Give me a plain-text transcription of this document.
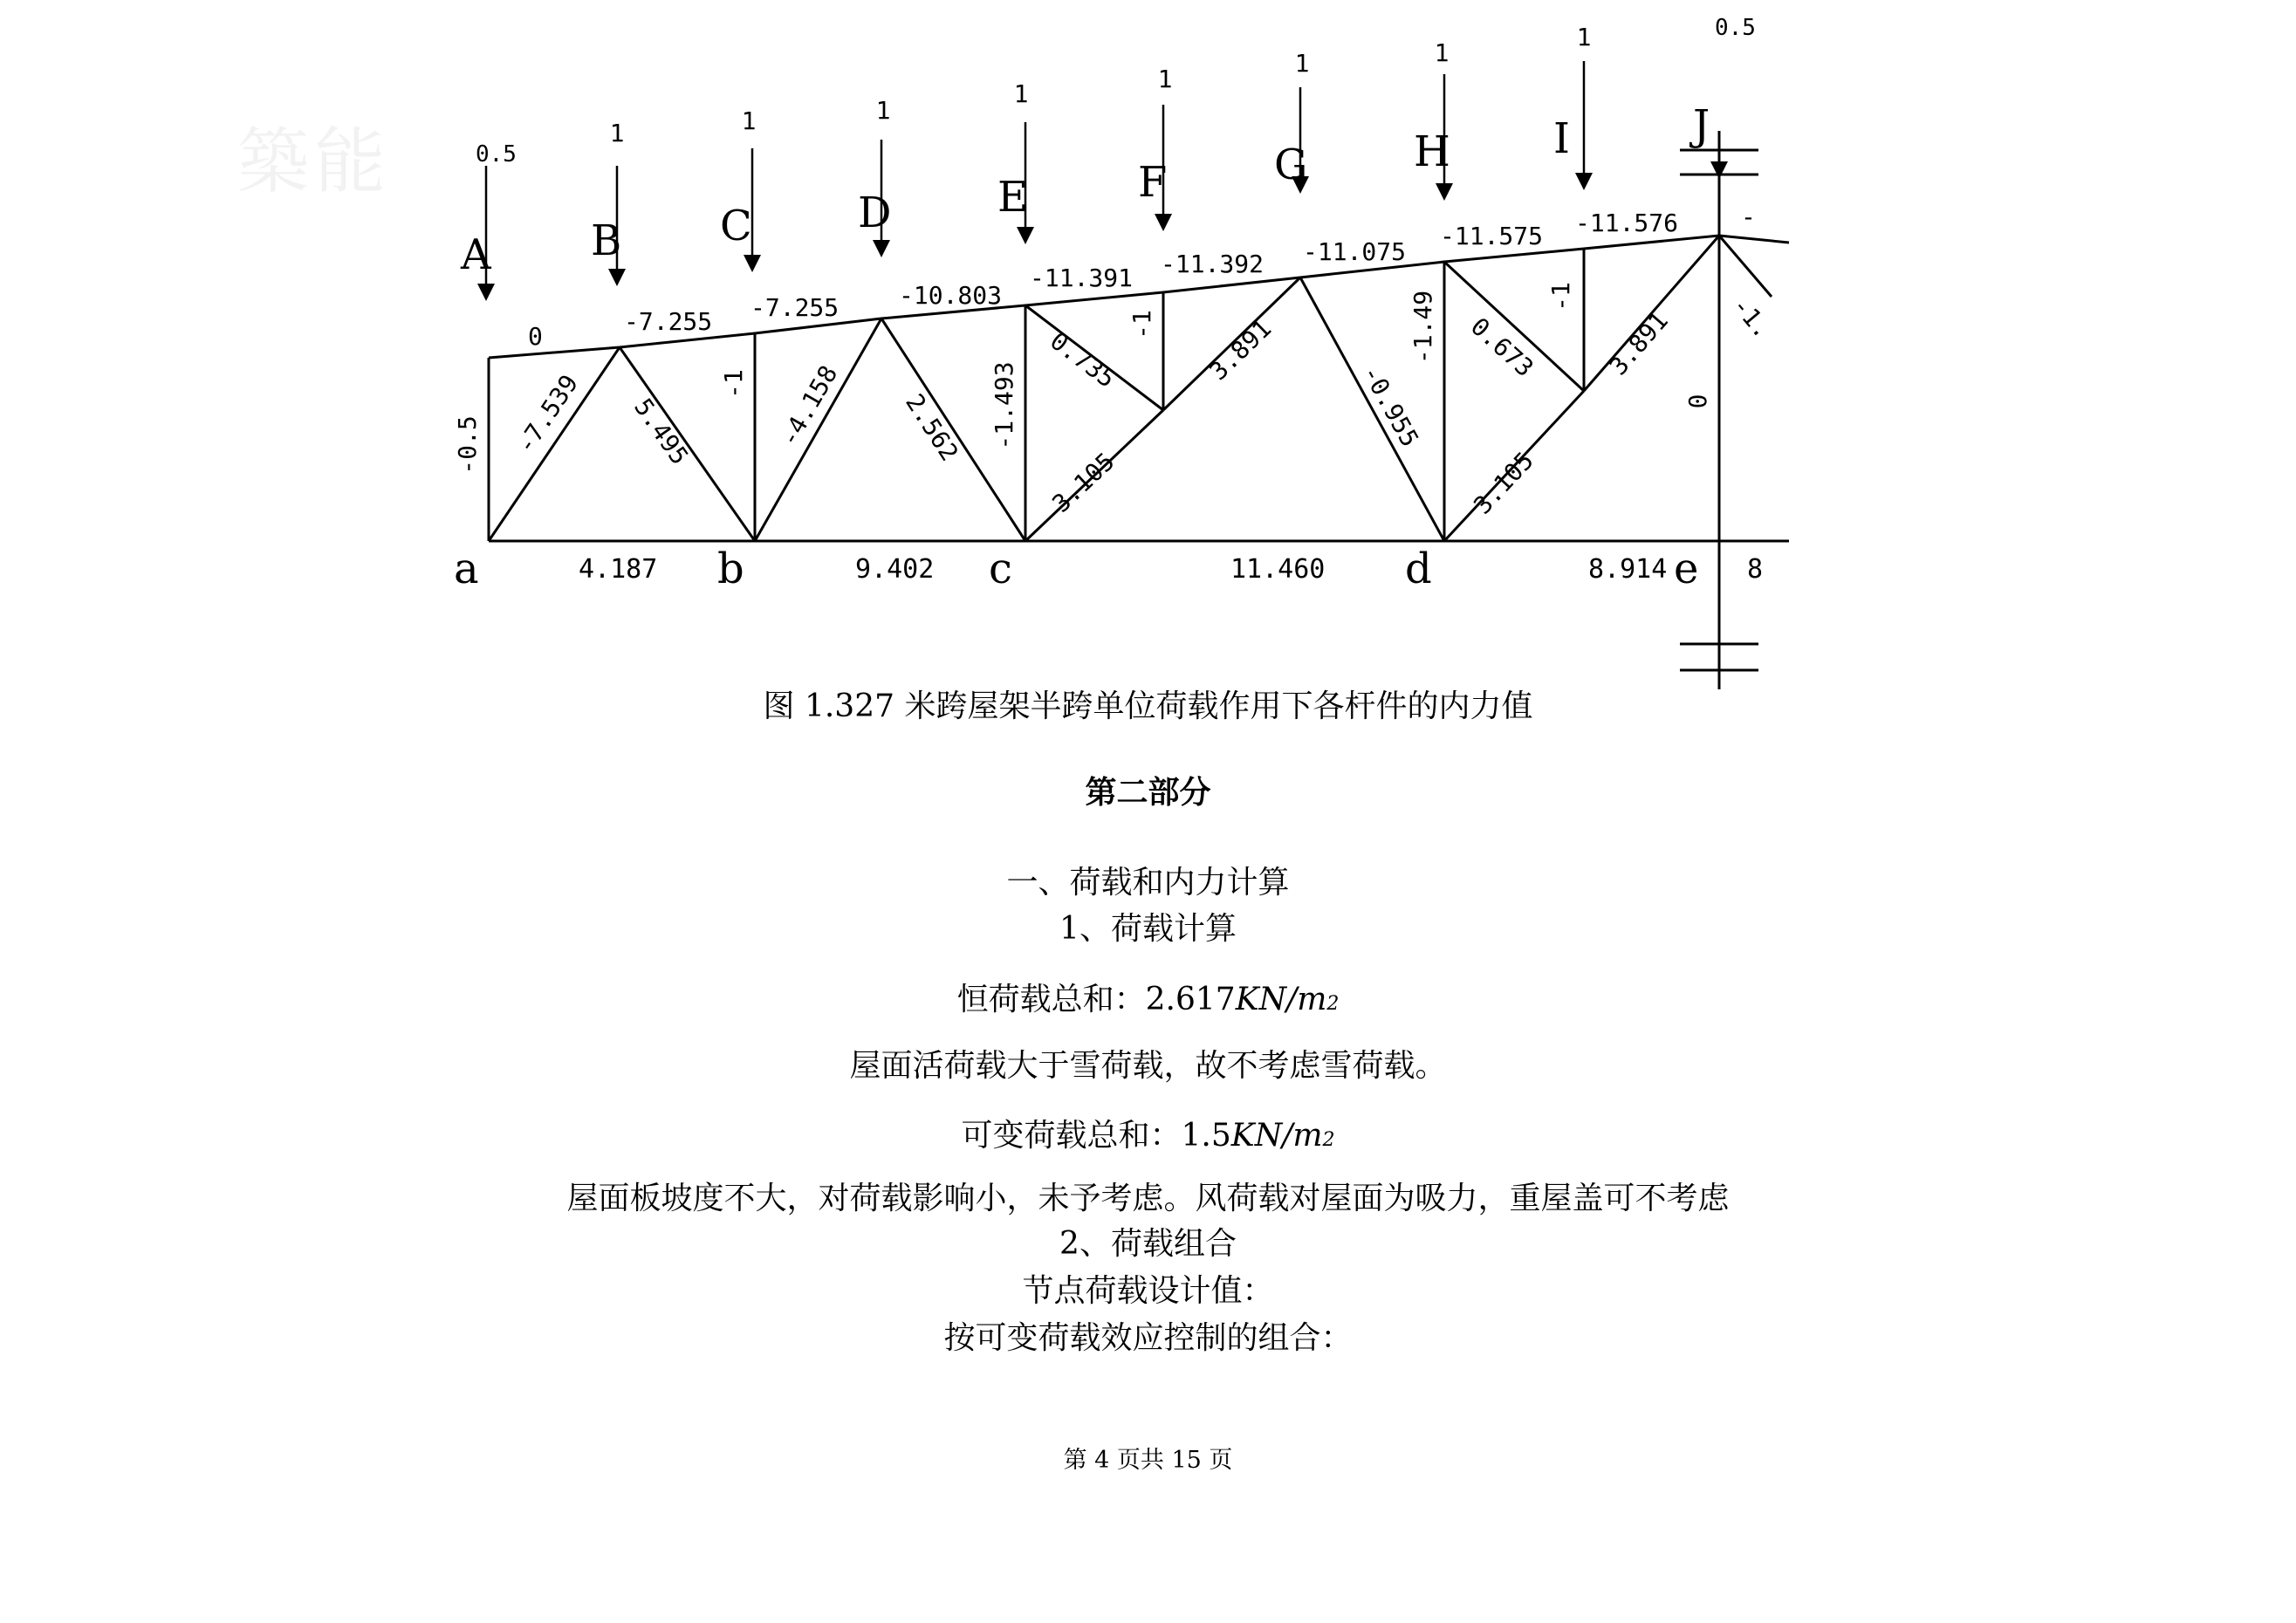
築能	0.5
1	1	1
1
1
1	1
1	0.5
A B C	D	E	F	G	H I	J
a	b	c	d	e
0
-7.255 -7.255 -10.803
-11.391 -11.392 -11.075
-11.575 -11.576	-
4.187	9.402	11.460	8.914	8
-0.5
-1	-1.493
-1	-1.49	-1
0
-7.539 5.495	-4.158 2.562
0.735
3.105
3.891
-0.955
0.673
3.105
3.891 -1.
图 1.327 米跨屋架半跨单位荷载作用下各杆件的内力值
第二部分
一、荷载和内力计算
1、荷载计算
恒荷载总和：2.617KN/m2
屋面活荷载大于雪荷载，故不考虑雪荷载。
可变荷载总和：1.5KN/m2
屋面板坡度不大，对荷载影响小，未予考虑。风荷载对屋面为吸力，重屋盖可不考虑
2、荷载组合
节点荷载设计值：
按可变荷载效应控制的组合：
第 4 页共 15 页
